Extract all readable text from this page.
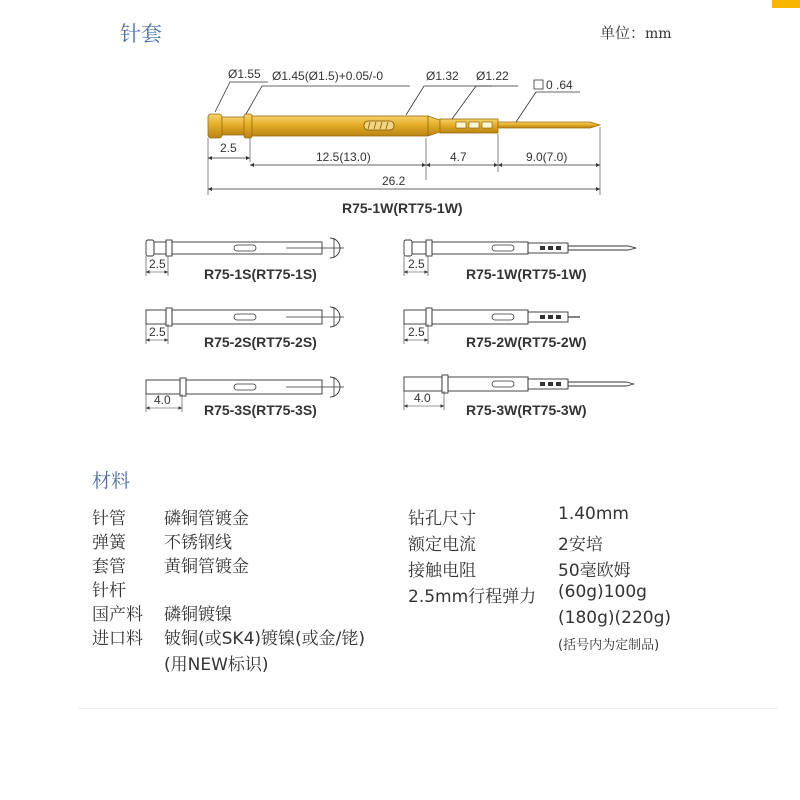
针套	单位：mm
Ø1.55 Ø1.45(Ø1.5)+0.05/-0	Ø1.32 Ø1.22
0 .64
2.5
12.5(13.0)	4.7	9.0(7.0)
26.2
R75-1W(RT75-1W)
2.5
R75-1S(RT75-1S)
2.5
R75-2S(RT75-2S)
4.0
R75-3S(RT75-3S)
2.5
R75-1W(RT75-1W)
2.5
R75-2W(RT75-2W)
4.0
R75-3W(RT75-3W)
材料
针管 磷铜管镀金
弹簧 不锈钢线
套管 黄铜管镀金
针杆
国产料 磷铜镀镍
进口料 铍铜(或SK4)镀镍(或金/铑)
(用NEW标识)
钻孔尺寸	1.40mm
额定电流	2安培
接触电阻	50毫欧姆
2.5mm行程弹力 (60g)100g
(180g)(220g)
(括号内为定制品)
